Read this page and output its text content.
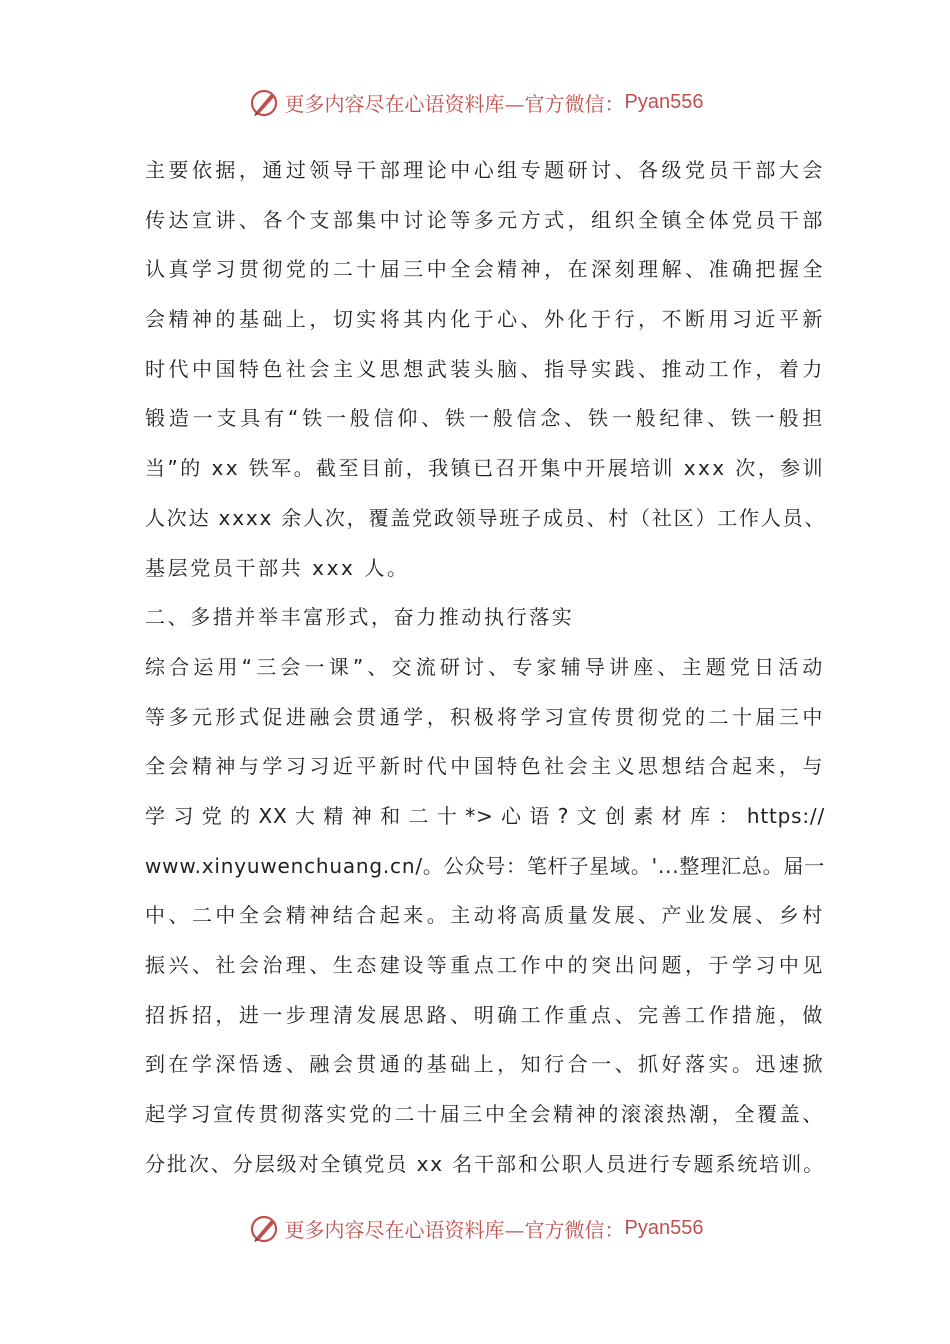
更多内容尽在心语资料库—官方微信： Pyan556
主要依据，通过领导干部理论中心组专题研讨、各级党员干部大会
传达宣讲、各个支部集中讨论等多元方式，组织全镇全体党员干部
认真学习贯彻党的二十届三中全会精神，在深刻理解、准确把握全
会精神的基础上，切实将其内化于心、外化于行，不断用习近平新
时代中国特色社会主义思想武装头脑、指导实践、推动工作，着力
锻造一支具有“铁一般信仰、铁一般信念、铁一般纪律、铁一般担
当”的 xx 铁军。截至目前，我镇已召开集中开展培训 xxx 次，参训
人次达 xxxx 余人次，覆盖党政领导班子成员、村（社区）工作人员、
基层党员干部共 xxx 人。
二、多措并举丰富形式，奋力推动执行落实
综合运用“三会一课”、交流研讨、专家辅导讲座、主题党日活动
等多元形式促进融会贯通学，积极将学习宣传贯彻党的二十届三中
全会精神与学习习近平新时代中国特色社会主义思想结合起来，与
学 习 党 的 XX 大 精 神 和 二 十 *> 心 语 ? 文 创 素 材 库 ： https://
www.xinyuwenchuang.cn/。公众号：笔杆子星域。'...整理汇总。届一
中、二中全会精神结合起来。主动将高质量发展、产业发展、乡村
振兴、社会治理、生态建设等重点工作中的突出问题，于学习中见
招拆招，进一步理清发展思路、明确工作重点、完善工作措施，做
到在学深悟透、融会贯通的基础上，知行合一、抓好落实。迅速掀
起学习宣传贯彻落实党的二十届三中全会精神的滚滚热潮，全覆盖、
分批次、分层级对全镇党员 xx 名干部和公职人员进行专题系统培训。
更多内容尽在心语资料库—官方微信： Pyan556
